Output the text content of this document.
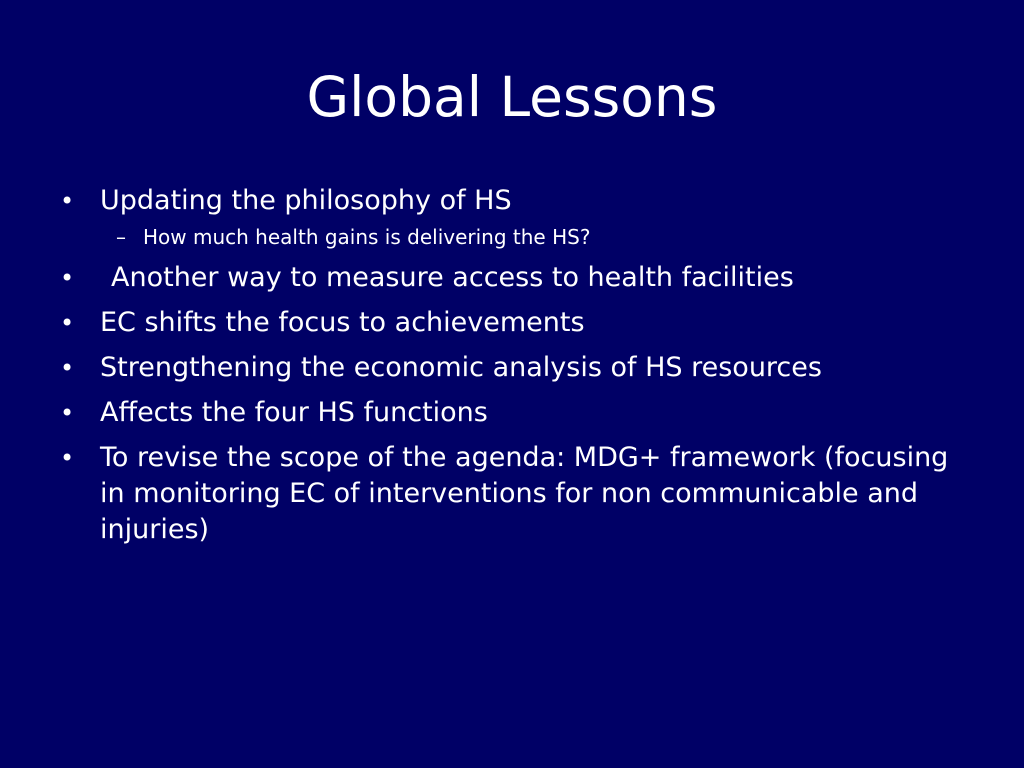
Global Lessons
• Updating the philosophy of HS
– How much health gains is delivering the HS?
• Another way to measure access to health facilities
• EC shifts the focus to achievements
• Strengthening the economic analysis of HS resources
• Affects the four HS functions
• To revise the scope of the agenda: MDG+ framework (focusing in monitoring EC of interventions for non communicable and injuries)
